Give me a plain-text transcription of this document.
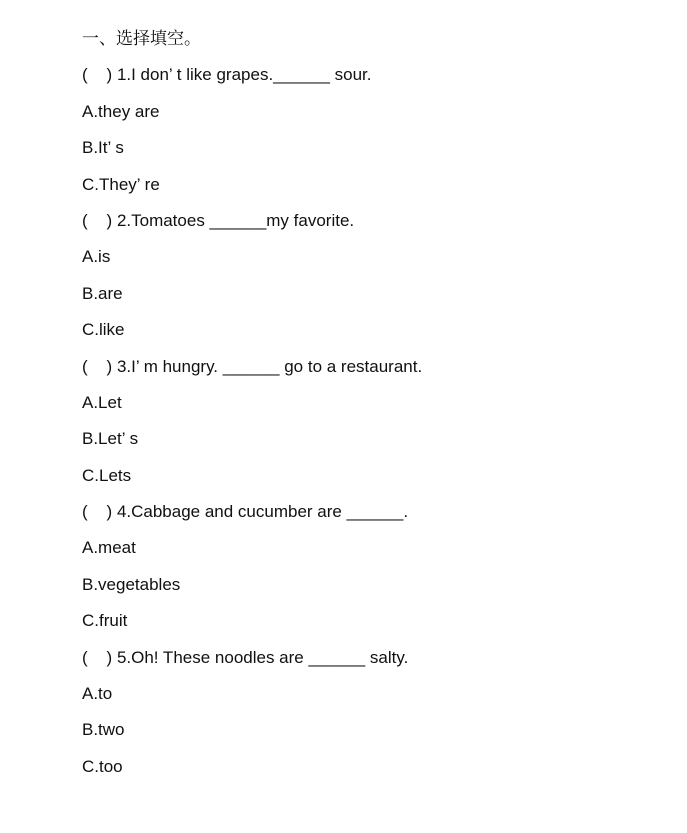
一、选择填空。
(    ) 1.I don’ t like grapes.______ sour.
A.they are
B.It’ s
C.They’ re
(    ) 2.Tomatoes ______my favorite.
A.is
B.are
C.like
(    ) 3.I’ m hungry. ______ go to a restaurant.
A.Let
B.Let’ s
C.Lets
(    ) 4.Cabbage and cucumber are ______.
A.meat
B.vegetables
C.fruit
(    ) 5.Oh! These noodles are ______ salty.
A.to
B.two
C.too
